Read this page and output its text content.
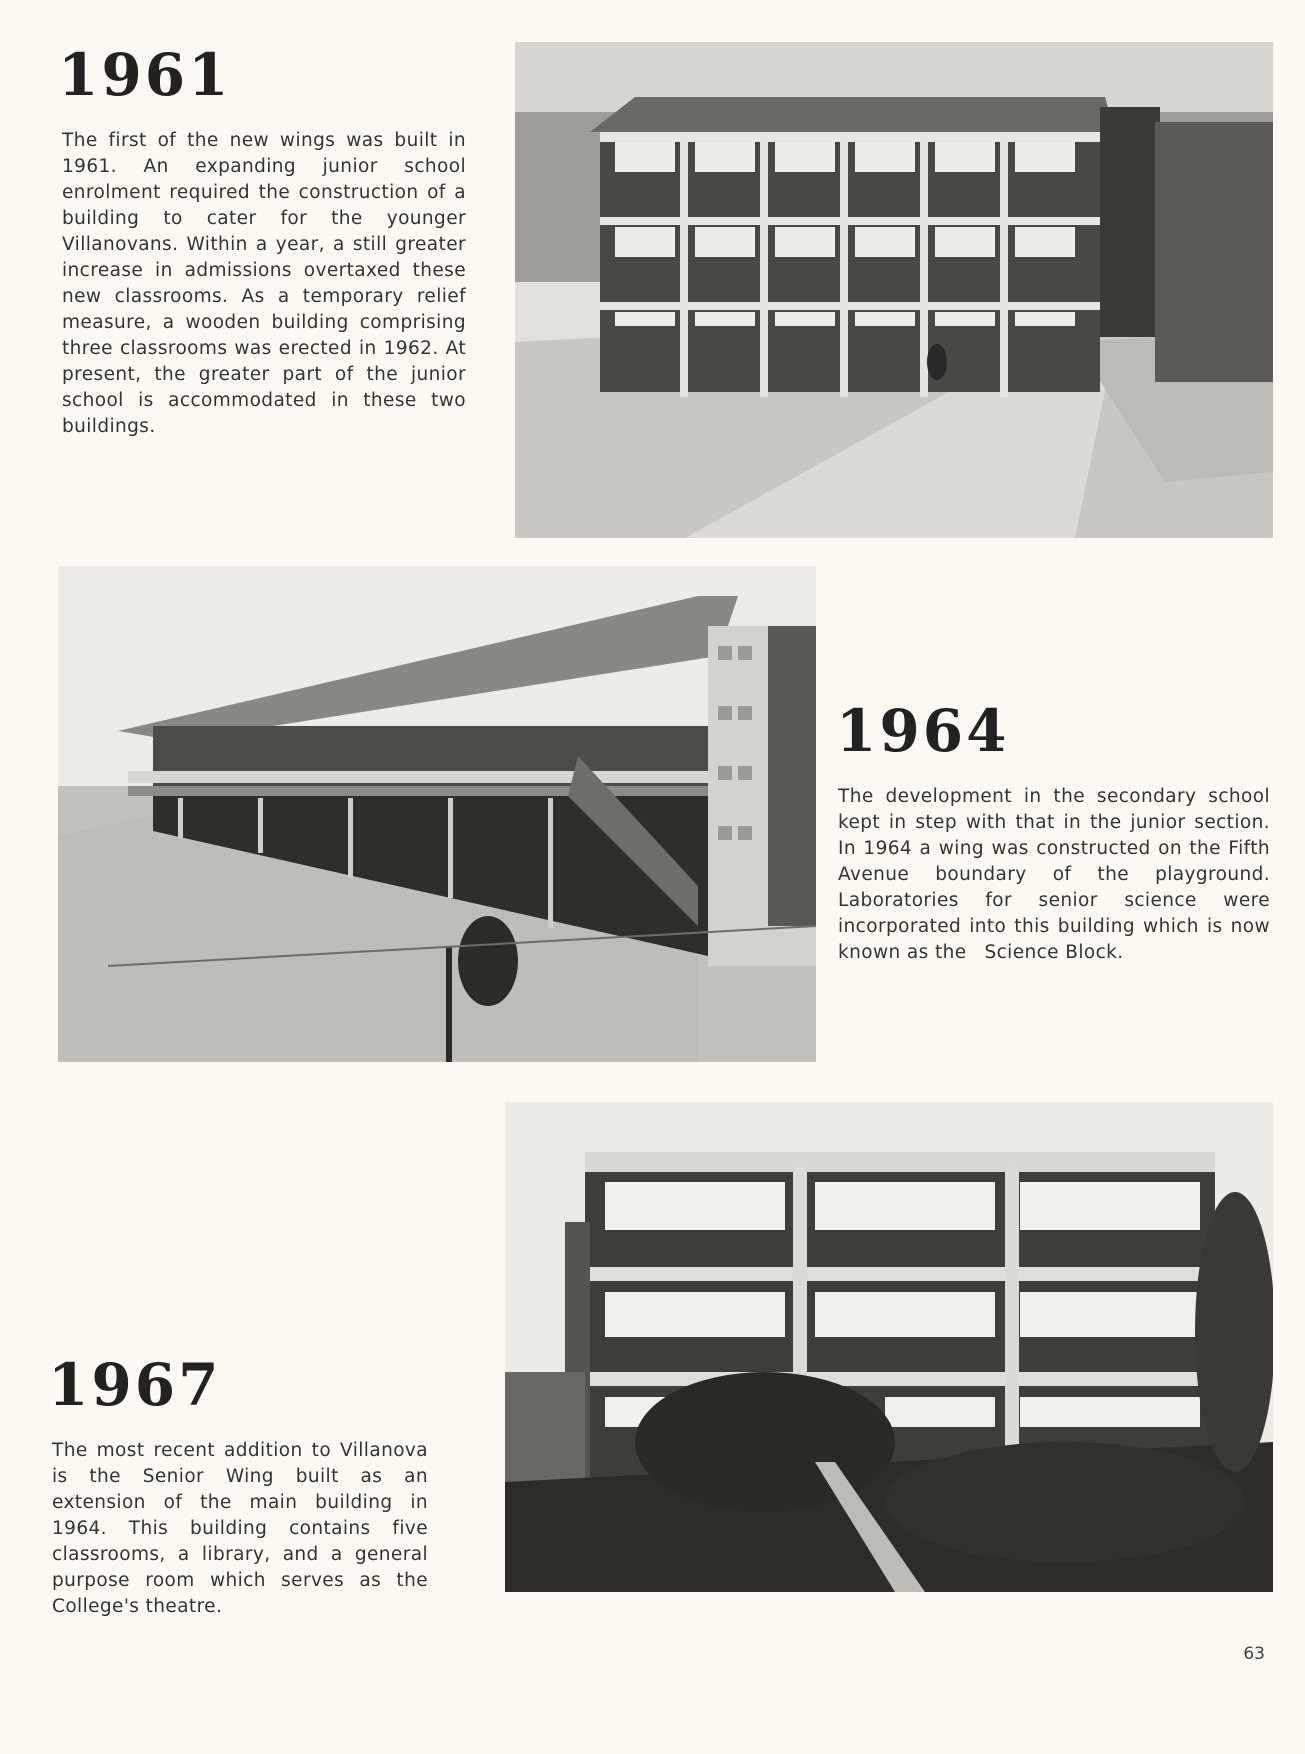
1961

The first of the new wings was built in 1961. An expanding junior school enrolment required the construction of a building to cater for the younger Villanovans. Within a year, a still greater increase in admissions overtaxed these new classrooms. As a temporary relief measure, a wooden building comprising three classrooms was erected in 1962. At present, the greater part of the junior school is accommodated in these two buildings.

1964

The development in the secondary school kept in step with that in the junior section. In 1964 a wing was constructed on the Fifth Avenue boundary of the playground. Laboratories for senior science were incorporated into this building which is now known as the Science Block.

1967

The most recent addition to Villanova is the Senior Wing built as an extension of the main building in 1964. This building contains five classrooms, a library, and a general purpose room which serves as the College's theatre.

63
